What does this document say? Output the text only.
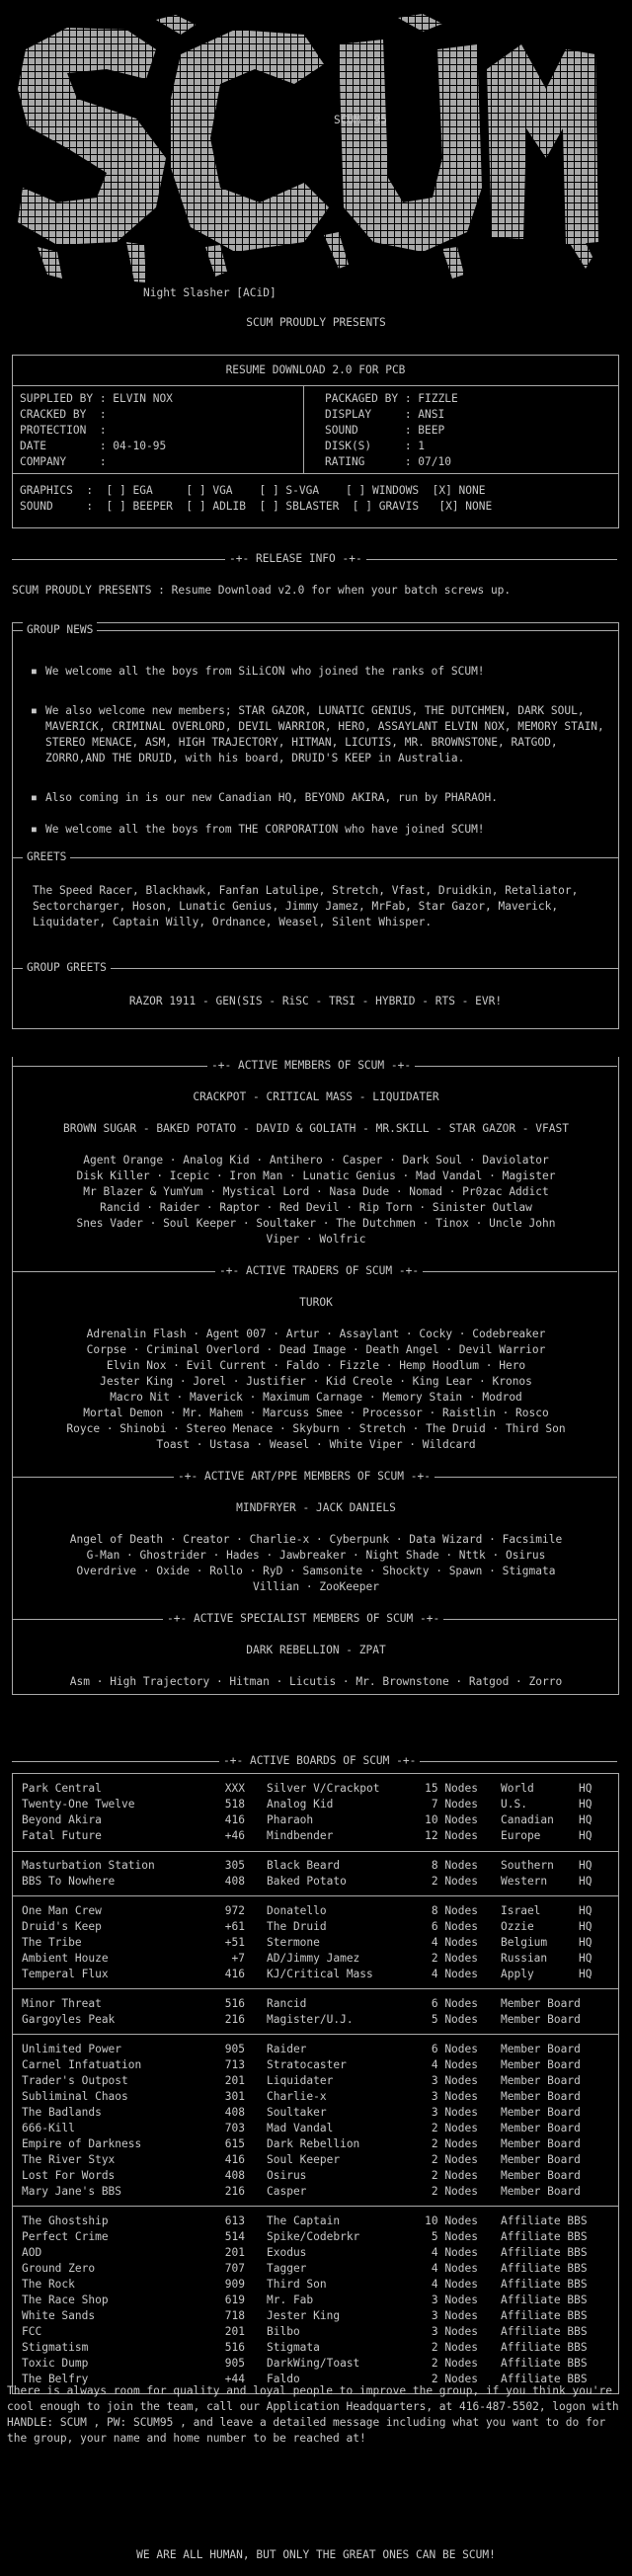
SCUM '95
Night Slasher [ACiD]
SCUM PROUDLY PRESENTS
RESUME DOWNLOAD 2.0 FOR PCB
SUPPLIED BY : ELVIN NOX
CRACKED BY  :
PROTECTION  :
DATE        : 04-10-95
COMPANY     :
PACKAGED BY : FIZZLE
DISPLAY     : ANSI
SOUND       : BEEP
DISK(S)     : 1
RATING      : 07/10
GRAPHICS  :  [ ] EGA     [ ] VGA    [ ] S-VGA    [ ] WINDOWS  [X] NONE
SOUND     :  [ ] BEEPER  [ ] ADLIB  [ ] SBLASTER  [ ] GRAVIS   [X] NONE
-+- RELEASE INFO -+-
SCUM PROUDLY PRESENTS : Resume Download v2.0 for when your batch screws up.
GROUP NEWS
■ We welcome all the boys from SiLiCON who joined the ranks of SCUM!
■ We also welcome new members; STAR GAZOR, LUNATIC GENIUS, THE DUTCHMEN, DARK SOUL, MAVERICK, CRIMINAL OVERLORD, DEVIL WARRIOR, HERO, ASSAYLANT ELVIN NOX, MEMORY STAIN, STEREO MENACE, ASM, HIGH TRAJECTORY, HITMAN, LICUTIS, MR. BROWNSTONE, RATGOD, ZORRO,AND THE DRUID, with his board, DRUID'S KEEP in Australia.
■ Also coming in is our new Canadian HQ, BEYOND AKIRA, run by PHARAOH.
■ We welcome all the boys from THE CORPORATION who have joined SCUM!
GREETS
The Speed Racer, Blackhawk, Fanfan Latulipe, Stretch, Vfast, Druidkin, Retaliator, Sectorcharger, Hoson, Lunatic Genius, Jimmy Jamez, MrFab, Star Gazor, Maverick, Liquidater, Captain Willy, Ordnance, Weasel, Silent Whisper.
GROUP GREETS
RAZOR 1911 - GEN(SIS - RiSC - TRSI - HYBRID - RTS - EVR!
-+- ACTIVE MEMBERS OF SCUM -+-
CRACKPOT - CRITICAL MASS - LIQUIDATER
BROWN SUGAR - BAKED POTATO - DAVID & GOLIATH - MR.SKILL - STAR GAZOR - VFAST
Agent Orange · Analog Kid · Antihero · Casper · Dark Soul · Daviolator
Disk Killer · Icepic · Iron Man · Lunatic Genius · Mad Vandal · Magister
Mr Blazer & YumYum · Mystical Lord · Nasa Dude · Nomad · Pr0zac Addict
Rancid · Raider · Raptor · Red Devil · Rip Torn · Sinister Outlaw
Snes Vader · Soul Keeper · Soultaker · The Dutchmen · Tinox · Uncle John
Viper · Wolfric
-+- ACTIVE TRADERS OF SCUM -+-
TUROK
Adrenalin Flash · Agent 007 · Artur · Assaylant · Cocky · Codebreaker
Corpse · Criminal Overlord · Dead Image · Death Angel · Devil Warrior
Elvin Nox · Evil Current · Faldo · Fizzle · Hemp Hoodlum · Hero
Jester King · Jorel · Justifier · Kid Creole · King Lear · Kronos
Macro Nit · Maverick · Maximum Carnage · Memory Stain · Modrod
Mortal Demon · Mr. Mahem · Marcuss Smee · Processor · Raistlin · Rosco
Royce · Shinobi · Stereo Menace · Skyburn · Stretch · The Druid · Third Son
Toast · Ustasa · Weasel · White Viper · Wildcard
-+- ACTIVE ART/PPE MEMBERS OF SCUM -+-
MINDFRYER - JACK DANIELS
Angel of Death · Creator · Charlie-x · Cyberpunk · Data Wizard · Facsimile
G-Man · Ghostrider · Hades · Jawbreaker · Night Shade · Nttk · Osirus
Overdrive · Oxide · Rollo · RyD · Samsonite · Shockty · Spawn · Stigmata
Villian · ZooKeeper
-+- ACTIVE SPECIALIST MEMBERS OF SCUM -+-
DARK REBELLION - ZPAT
Asm · High Trajectory · Hitman · Licutis · Mr. Brownstone · Ratgod · Zorro
-+- ACTIVE BOARDS OF SCUM -+-
Park Central	XXX Silver V/Crackpot	15 Nodes World	HQ
Twenty-One Twelve	518 Analog Kid	7 Nodes U.S.	HQ
Beyond Akira	416 Pharaoh	10 Nodes Canadian HQ
Fatal Future	+46 Mindbender	12 Nodes Europe	HQ
Masturbation Station	305 Black Beard	8 Nodes Southern HQ
BBS To Nowhere	408 Baked Potato	2 Nodes Western	HQ
One Man Crew	972 Donatello	8 Nodes Israel	HQ
Druid's Keep	+61 The Druid	6 Nodes Ozzie	HQ
The Tribe	+51 Stermone	4 Nodes Belgium	HQ
Ambient Houze	+7 AD/Jimmy Jamez	2 Nodes Russian	HQ
Temperal Flux	416 KJ/Critical Mass	4 Nodes Apply	HQ
Minor Threat	516 Rancid	6 Nodes Member Board
Gargoyles Peak	216 Magister/U.J.	5 Nodes Member Board
Unlimited Power	905 Raider	6 Nodes Member Board
Carnel Infatuation	713 Stratocaster	4 Nodes Member Board
Trader's Outpost	201 Liquidater	3 Nodes Member Board
Subliminal Chaos	301 Charlie-x	3 Nodes Member Board
The Badlands	408 Soultaker	3 Nodes Member Board
666-Kill	703 Mad Vandal	2 Nodes Member Board
Empire of Darkness	615 Dark Rebellion	2 Nodes Member Board
The River Styx	416 Soul Keeper	2 Nodes Member Board
Lost For Words	408 Osirus	2 Nodes Member Board
Mary Jane's BBS	216 Casper	2 Nodes Member Board
The Ghostship	613 The Captain	10 Nodes Affiliate BBS
Perfect Crime	514 Spike/Codebrkr	5 Nodes Affiliate BBS
AOD	201 Exodus	4 Nodes Affiliate BBS
Ground Zero	707 Tagger	4 Nodes Affiliate BBS
The Rock	909 Third Son	4 Nodes Affiliate BBS
The Race Shop	619 Mr. Fab	3 Nodes Affiliate BBS
White Sands	718 Jester King	3 Nodes Affiliate BBS
FCC	201 Bilbo	3 Nodes Affiliate BBS
Stigmatism	516 Stigmata	2 Nodes Affiliate BBS
Toxic Dump	905 DarkWing/Toast	2 Nodes Affiliate BBS
The Belfry	+44 Faldo	2 Nodes Affiliate BBS
There is always room for quality and loyal people to improve the group, if you think you're cool enough to join the team, call our Application Headquarters, at 416-487-5502, logon with HANDLE: SCUM , PW: SCUM95 , and leave a detailed message including what you want to do for the group, your name and home number to be reached at!
WE ARE ALL HUMAN, BUT ONLY THE GREAT ONES CAN BE SCUM!
